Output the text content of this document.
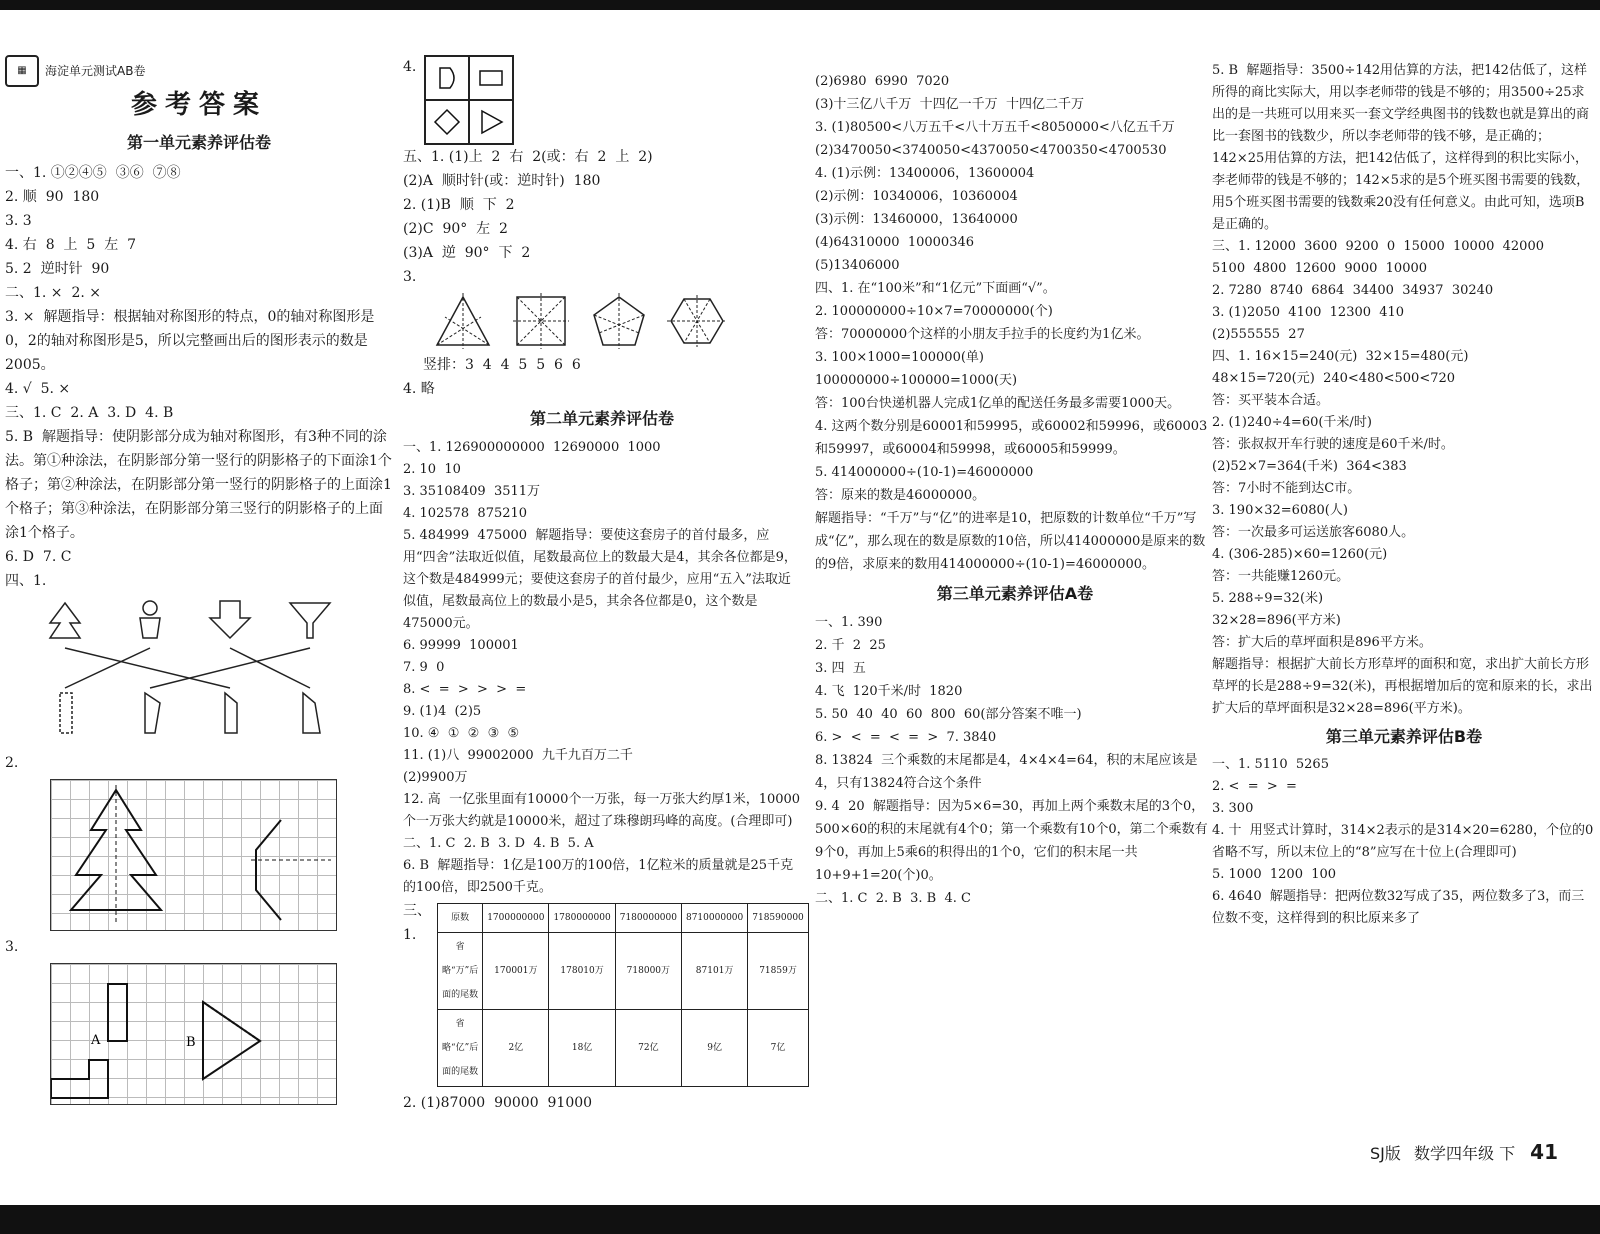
▦	海淀单元测试AB卷
参考答案
第一单元素养评估卷
一、1. ①②④⑤  ③⑥  ⑦⑧
2. 顺  90  180
3. 3
4. 右  8  上  5  左  7
5. 2  逆时针  90
二、1. ×  2. ×
3. ×  解题指导：根据轴对称图形的特点，0的轴对称图形是0，2的轴对称图形是5，所以完整画出后的图形表示的数是2005。
4. √  5. ×
三、1. C  2. A  3. D  4. B
5. B  解题指导：使阴影部分成为轴对称图形，有3种不同的涂法。第①种涂法，在阴影部分第一竖行的阴影格子的下面涂1个格子；第②种涂法，在阴影部分第一竖行的阴影格子的上面涂1个格子；第③种涂法，在阴影部分第三竖行的阴影格子的上面涂1个格子。
6. D  7. C
四、1.
2.
3.
A	B
4.
五、1. (1)上  2  右  2(或：右  2  上  2)
(2)A  顺时针(或：逆时针)  180
2. (1)B  顺  下  2
(2)C  90°  左  2
(3)A  逆  90°  下  2
3.
竖排：3  4  4  5  5  6  6
4. 略
第二单元素养评估卷
一、1. 126900000000  12690000  1000
2. 10  10
3. 35108409  3511万
4. 102578  875210
5. 484999  475000  解题指导：要使这套房子的首付最多，应用“四舍”法取近似值，尾数最高位上的数最大是4，其余各位都是9，这个数是484999元；要使这套房子的首付最少，应用“五入”法取近似值，尾数最高位上的数最小是5，其余各位都是0，这个数是475000元。
6. 99999  100001
7. 9  0
8. <  =  >  >  >  =
9. (1)4  (2)5
10. ④  ①  ②  ③  ⑤
11. (1)八  99002000  九千九百万二千
(2)9900万
12. 高  一亿张里面有10000个一万张，每一万张大约厚1米，10000个一万张大约就是10000米，超过了珠穆朗玛峰的高度。(合理即可)
二、1. C  2. B  3. D  4. B  5. A
6. B  解题指导：1亿是100万的100倍，1亿粒米的质量就是25千克的100倍，即2500千克。
三、1.
原数	1700000000	1780000000	7180000000	8710000000	718590000
省略“万”后面的尾数	170001万	178010万	718000万	87101万	71859万
省略“亿”后面的尾数	2亿	18亿	72亿	9亿	7亿
2. (1)87000  90000  91000
(2)6980  6990  7020
(3)十三亿八千万  十四亿一千万  十四亿二千万
3. (1)80500<八万五千<八十万五千<8050000<八亿五千万
(2)3470050<3740050<4370050<4700350<4700530
4. (1)示例：13400006，13600004
(2)示例：10340006，10360004
(3)示例：13460000，13640000
(4)64310000  10000346
(5)13406000
四、1. 在“100米”和“1亿元”下面画“√”。
2. 100000000÷10×7=70000000(个)
答：70000000个这样的小朋友手拉手的长度约为1亿米。
3. 100×1000=100000(单)
100000000÷100000=1000(天)
答：100台快递机器人完成1亿单的配送任务最多需要1000天。
4. 这两个数分别是60001和59995，或60002和59996，或60003和59997，或60004和59998，或60005和59999。
5. 414000000÷(10-1)=46000000
答：原来的数是46000000。
解题指导：“千万”与“亿”的进率是10，把原数的计数单位“千万”写成“亿”，那么现在的数是原数的10倍，所以414000000是原来的数的9倍，求原来的数用414000000÷(10-1)=46000000。
第三单元素养评估A卷
一、1. 390
2. 千  2  25
3. 四  五
4. 飞  120千米/时  1820
5. 50  40  40  60  800  60(部分答案不唯一)
6. >  <  =  <  =  >  7. 3840
8. 13824  三个乘数的末尾都是4，4×4×4=64，积的末尾应该是4，只有13824符合这个条件
9. 4  20  解题指导：因为5×6=30，再加上两个乘数末尾的3个0，500×60的积的末尾就有4个0；第一个乘数有10个0，第二个乘数有9个0，再加上5乘6的积得出的1个0，它们的积末尾一共10+9+1=20(个)0。
二、1. C  2. B  3. B  4. C
5. B  解题指导：3500÷142用估算的方法，把142估低了，这样所得的商比实际大，用以李老师带的钱是不够的；用3500÷25求出的是一共班可以用来买一套文学经典图书的钱数也就是算出的商比一套图书的钱数少，所以李老师带的钱不够，是正确的；142×25用估算的方法，把142估低了，这样得到的积比实际小，李老师带的钱是不够的；142×5求的是5个班买图书需要的钱数，用5个班买图书需要的钱数乘20没有任何意义。由此可知，选项B是正确的。
三、1. 12000  3600  9200  0  15000  10000  42000
5100  4800  12600  9000  10000
2. 7280  8740  6864  34400  34937  30240
3. (1)2050  4100  12300  410
(2)555555  27
四、1. 16×15=240(元)  32×15=480(元)
48×15=720(元)  240<480<500<720
答：买平装本合适。
2. (1)240÷4=60(千米/时)
答：张叔叔开车行驶的速度是60千米/时。
(2)52×7=364(千米)  364<383
答：7小时不能到达C市。
3. 190×32=6080(人)
答：一次最多可运送旅客6080人。
4. (306-285)×60=1260(元)
答：一共能赚1260元。
5. 288÷9=32(米)
32×28=896(平方米)
答：扩大后的草坪面积是896平方米。
解题指导：根据扩大前长方形草坪的面积和宽，求出扩大前长方形草坪的长是288÷9=32(米)，再根据增加后的宽和原来的长，求出扩大后的草坪面积是32×28=896(平方米)。
第三单元素养评估B卷
一、1. 5110  5265
2. <  =  >  =
3. 300
4. 十  用竖式计算时，314×2表示的是314×20=6280，个位的0省略不写，所以末位上的“8”应写在十位上(合理即可)
5. 1000  1200  100
6. 4640  解题指导：把两位数32写成了35，两位数多了3，而三位数不变，这样得到的积比原来多了
SJ版 数学四年级 下 41
